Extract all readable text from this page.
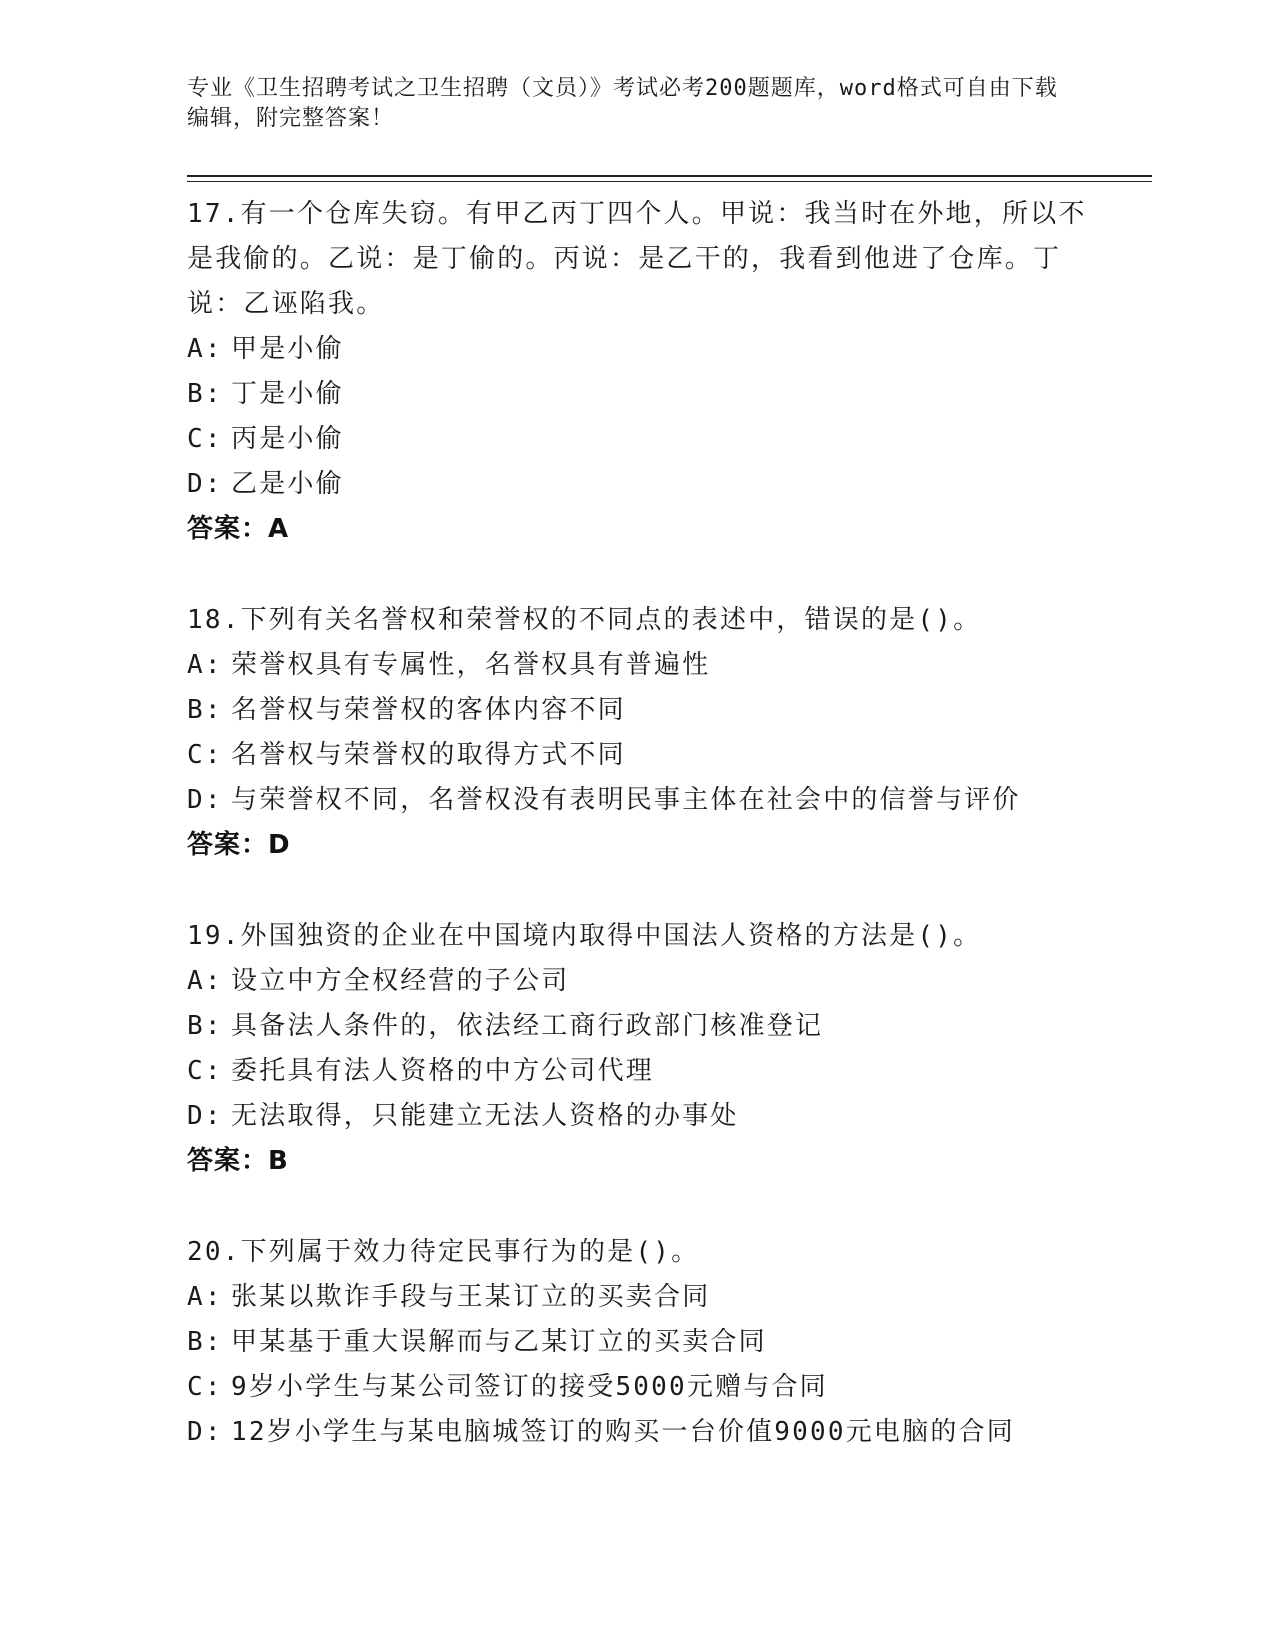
专业《卫生招聘考试之卫生招聘（文员）》考试必考200题题库，word格式可自由下载编辑，附完整答案！
17.有一个仓库失窃。有甲乙丙丁四个人。甲说：我当时在外地，所以不是我偷的。乙说：是丁偷的。丙说：是乙干的，我看到他进了仓库。丁说：乙诬陷我。
A: 甲是小偷
B: 丁是小偷
C: 丙是小偷
D: 乙是小偷
答案：A
18.下列有关名誉权和荣誉权的不同点的表述中，错误的是()。
A: 荣誉权具有专属性，名誉权具有普遍性
B: 名誉权与荣誉权的客体内容不同
C: 名誉权与荣誉权的取得方式不同
D: 与荣誉权不同，名誉权没有表明民事主体在社会中的信誉与评价
答案：D
19.外国独资的企业在中国境内取得中国法人资格的方法是()。
A: 设立中方全权经营的子公司
B: 具备法人条件的，依法经工商行政部门核准登记
C: 委托具有法人资格的中方公司代理
D: 无法取得，只能建立无法人资格的办事处
答案：B
20.下列属于效力待定民事行为的是()。
A: 张某以欺诈手段与王某订立的买卖合同
B: 甲某基于重大误解而与乙某订立的买卖合同
C: 9岁小学生与某公司签订的接受5000元赠与合同
D: 12岁小学生与某电脑城签订的购买一台价值9000元电脑的合同
